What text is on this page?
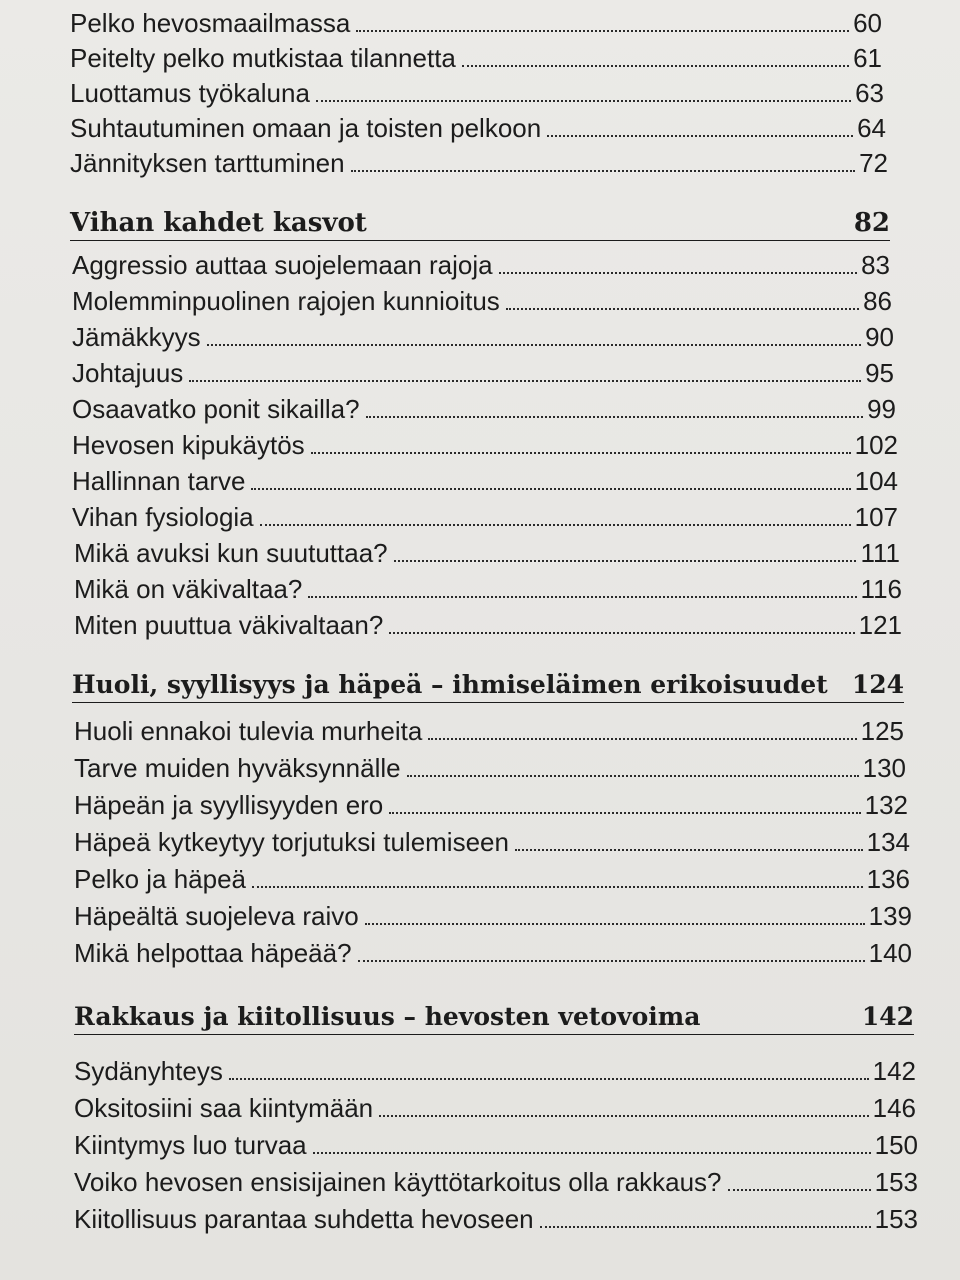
Pelko hevosmaailmassa	60
Peitelty pelko mutkistaa tilannetta	61
Luottamus työkaluna	63
Suhtautuminen omaan ja toisten pelkoon	64
Jännityksen tarttuminen	72
Vihan kahdet kasvot	82
Aggressio auttaa suojelemaan rajoja	83
Molemminpuolinen rajojen kunnioitus	86
Jämäkkyys	90
Johtajuus	95
Osaavatko ponit sikailla?	99
Hevosen kipukäytös	102
Hallinnan tarve	104
Vihan fysiologia	107
Mikä avuksi kun suututtaa?	111
Mikä on väkivaltaa?	116
Miten puuttua väkivaltaan?	121
Huoli, syyllisyys ja häpeä – ihmiseläimen erikoisuudet 124
Huoli ennakoi tulevia murheita	125
Tarve muiden hyväksynnälle	130
Häpeän ja syyllisyyden ero	132
Häpeä kytkeytyy torjutuksi tulemiseen	134
Pelko ja häpeä	136
Häpeältä suojeleva raivo	139
Mikä helpottaa häpeää?	140
Rakkaus ja kiitollisuus – hevosten vetovoima	142
Sydänyhteys	142
Oksitosiini saa kiintymään	146
Kiintymys luo turvaa	150
Voiko hevosen ensisijainen käyttötarkoitus olla rakkaus?	153
Kiitollisuus parantaa suhdetta hevoseen	153
